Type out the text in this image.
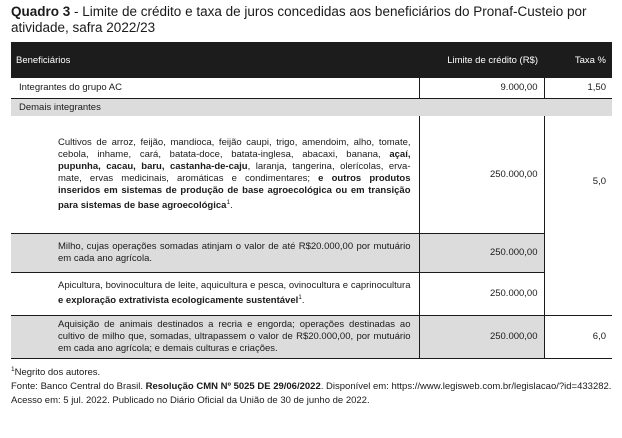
Quadro 3 - Limite de crédito e taxa de juros concedidas aos beneficiários do Pronaf-Custeio por atividade, safra 2022/23

Beneficiários	Limite de crédito (R$)	Taxa %
Integrantes do grupo AC	9.000,00	1,50
Demais integrantes		
Cultivos de arroz, feijão, mandioca, feijão caupi, trigo, amendoim, alho, tomate, cebola, inhame, cará, batata-doce, batata-inglesa, abacaxi, banana, açaí, pupunha, cacau, baru, castanha-de-caju, laranja, tangerina, olerícolas, erva-mate, ervas medicinais, aromáticas e condimentares; e outros produtos inseridos em sistemas de produção de base agroecológica ou em transição para sistemas de base agroecológica$^1$.	250.000,00	5,0
Milho, cujas operações somadas atinjam o valor de até R$20.000,00 por mutuário em cada ano agrícola.	250.000,00	
Apicultura, bovinocultura de leite, aquicultura e pesca, ovinocultura e caprinocultura e exploração extrativista ecologicamente sustentável$^1$.	250.000,00	
Aquisição de animais destinados a recria e engorda; operações destinadas ao cultivo de milho que, somadas, ultrapassem o valor de R$20.000,00, por mutuário em cada ano agrícola; e demais culturas e criações.	250.000,00	6,0
$^1$Negrito dos autores.
Fonte: Banco Central do Brasil. Resolução CMN Nº 5025 DE 29/06/2022. Disponível em: https://www.legisweb.com.br/legislacao/?id=433282. Acesso em: 5 jul. 2022. Publicado no Diário Oficial da União de 30 de junho de 2022.
